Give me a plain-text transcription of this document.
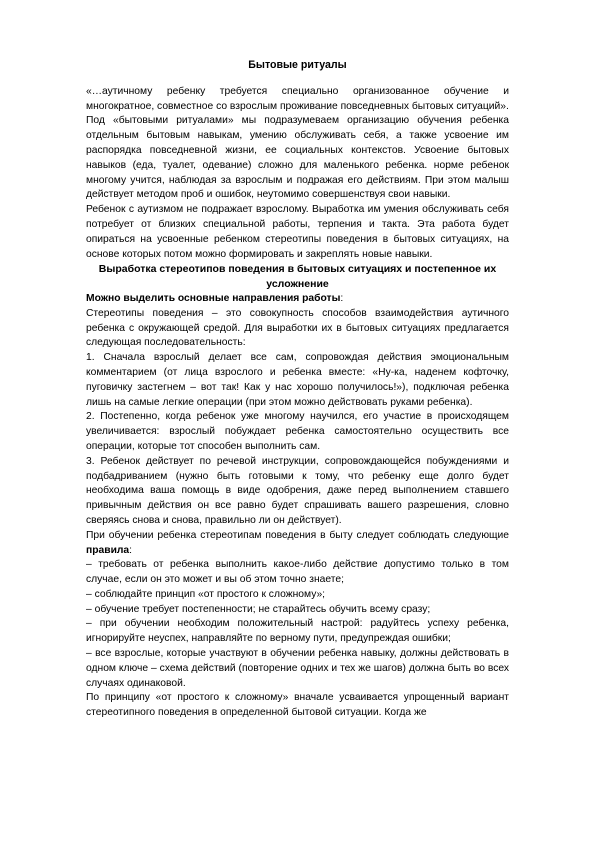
Бытовые ритуалы

«…аутичному ребенку требуется специально организованное обучение и многократное, совместное со взрослым проживание повседневных бытовых ситуаций».

Под «бытовыми ритуалами» мы подразумеваем организацию обучения ребенка отдельным бытовым навыкам, умению обслуживать себя, а также усвоение им распорядка повседневной жизни, ее социальных контекстов. Усвоение бытовых навыков (еда, туалет, одевание) сложно для маленького ребенка. норме ребенок многому учится, наблюдая за взрослым и подражая его действиям. При этом малыш действует методом проб и ошибок, неутомимо совершенствуя свои навыки.

Ребенок с аутизмом не подражает взрослому. Выработка им умения обслуживать себя потребует от близких специальной работы, терпения и такта. Эта работа будет опираться на усвоенные ребенком стереотипы поведения в бытовых ситуациях, на основе которых потом можно формировать и закреплять новые навыки.

Выработка стереотипов поведения в бытовых ситуациях и постепенное их усложнение

Можно выделить основные направления работы:

Стереотипы поведения – это совокупность способов взаимодействия аутичного ребенка с окружающей средой. Для выработки их в бытовых ситуациях предлагается следующая последовательность:

1. Сначала взрослый делает все сам, сопровождая действия эмоциональным комментарием (от лица взрослого и ребенка вместе: «Ну-ка, наденем кофточку, пуговичку застегнем – вот так! Как у нас хорошо получилось!»), подключая ребенка лишь на самые легкие операции (при этом можно действовать руками ребенка).

2. Постепенно, когда ребенок уже многому научился, его участие в происходящем увеличивается: взрослый побуждает ребенка самостоятельно осуществить все операции, которые тот способен выполнить сам.

3. Ребенок действует по речевой инструкции, сопровождающейся побуждениями и подбадриванием (нужно быть готовыми к тому, что ребенку еще долго будет необходима ваша помощь в виде одобрения, даже перед выполнением ставшего привычным действия он все равно будет спрашивать вашего разрешения, словно сверяясь снова и снова, правильно ли он действует).

При обучении ребенка стереотипам поведения в быту следует соблюдать следующие правила:

– требовать от ребенка выполнить какое-либо действие допустимо только в том случае, если он это может и вы об этом точно знаете;

– соблюдайте принцип «от простого к сложному»;

– обучение требует постепенности; не старайтесь обучить всему сразу;

– при обучении необходим положительный настрой: радуйтесь успеху ребенка, игнорируйте неуспех, направляйте по верному пути, предупреждая ошибки;

– все взрослые, которые участвуют в обучении ребенка навыку, должны действовать в одном ключе – схема действий (повторение одних и тех же шагов) должна быть во всех случаях одинаковой.

По принципу «от простого к сложному» вначале усваивается упрощенный вариант стереотипного поведения в определенной бытовой ситуации. Когда же
